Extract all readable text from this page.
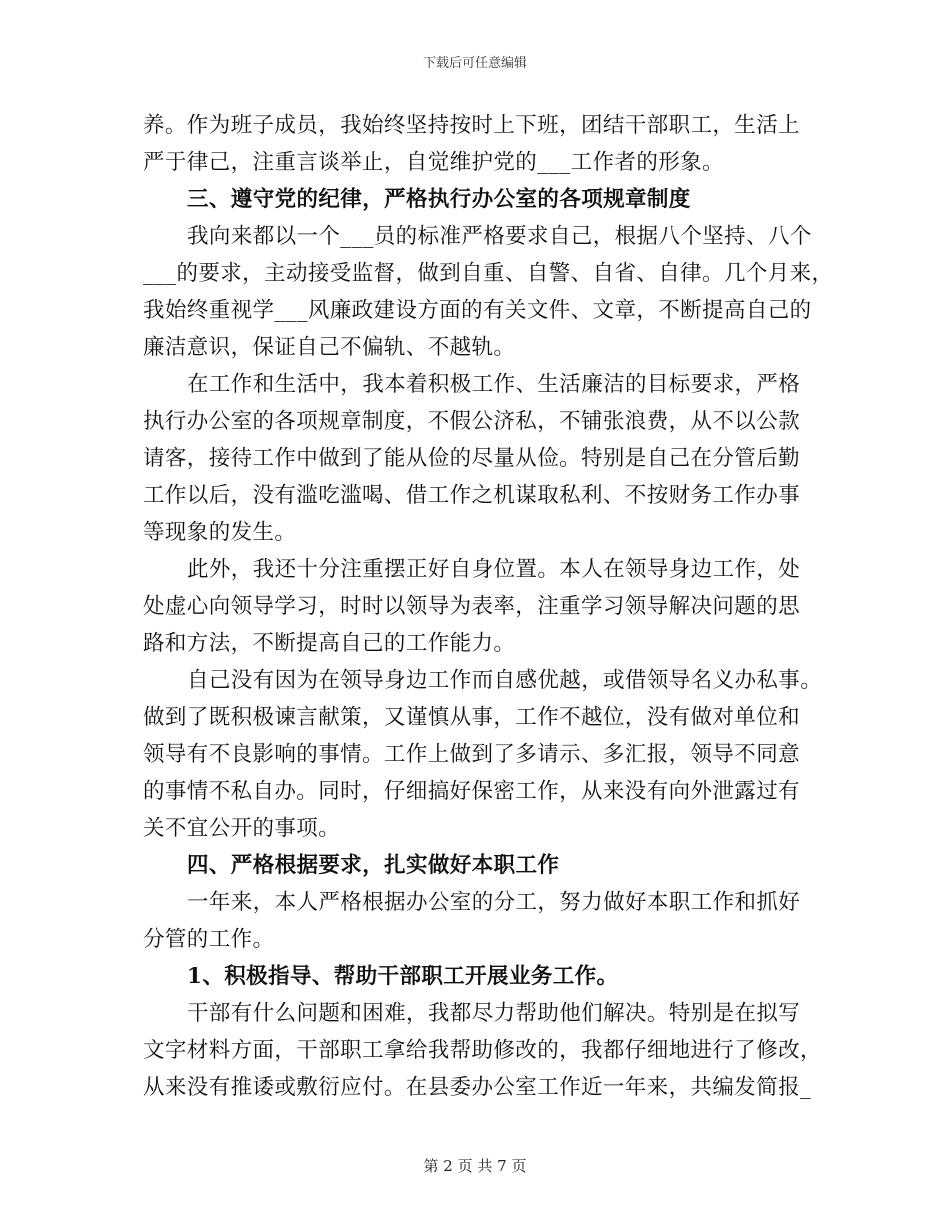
下载后可任意编辑
养。作为班子成员，我始终坚持按时上下班，团结干部职工，生活上
严于律己，注重言谈举止，自觉维护党的___工作者的形象。
三、遵守党的纪律，严格执行办公室的各项规章制度
我向来都以一个___员的标准严格要求自己，根据八个坚持、八个
___的要求，主动接受监督，做到自重、自警、自省、自律。几个月来，
我始终重视学___风廉政建设方面的有关文件、文章，不断提高自己的
廉洁意识，保证自己不偏轨、不越轨。
在工作和生活中，我本着积极工作、生活廉洁的目标要求，严格
执行办公室的各项规章制度，不假公济私，不铺张浪费，从不以公款
请客，接待工作中做到了能从俭的尽量从俭。特别是自己在分管后勤
工作以后，没有滥吃滥喝、借工作之机谋取私利、不按财务工作办事
等现象的发生。
此外，我还十分注重摆正好自身位置。本人在领导身边工作，处
处虚心向领导学习，时时以领导为表率，注重学习领导解决问题的思
路和方法，不断提高自己的工作能力。
自己没有因为在领导身边工作而自感优越，或借领导名义办私事。
做到了既积极谏言献策，又谨慎从事，工作不越位，没有做对单位和
领导有不良影响的事情。工作上做到了多请示、多汇报，领导不同意
的事情不私自办。同时，仔细搞好保密工作，从来没有向外泄露过有
关不宜公开的事项。
四、严格根据要求，扎实做好本职工作
一年来，本人严格根据办公室的分工，努力做好本职工作和抓好
分管的工作。
1、积极指导、帮助干部职工开展业务工作。
干部有什么问题和困难，我都尽力帮助他们解决。特别是在拟写
文字材料方面，干部职工拿给我帮助修改的，我都仔细地进行了修改，
从来没有推诿或敷衍应付。在县委办公室工作近一年来，共编发简报_
第 2 页 共 7 页
